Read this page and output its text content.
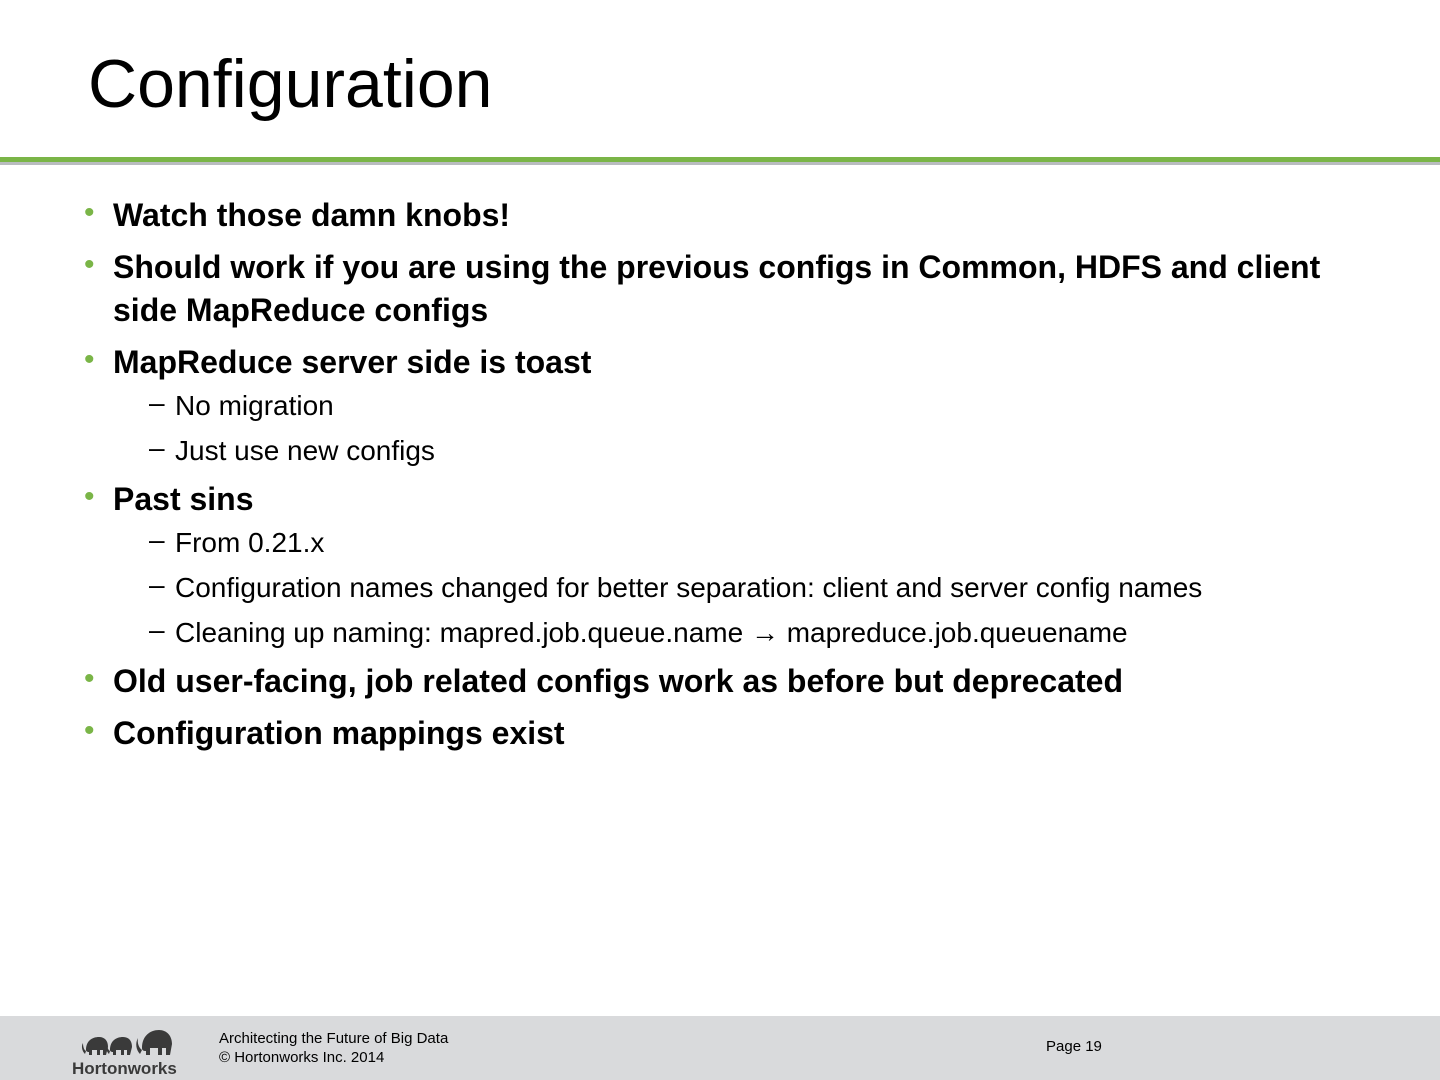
Configuration
• Watch those damn knobs!
• Should work if you are using the previous configs in Common, HDFS and client side MapReduce configs
• MapReduce server side is toast
– No migration
– Just use new configs
• Past sins
– From 0.21.x
– Configuration names changed for better separation: client and server config names
– Cleaning up naming: mapred.job.queue.name → mapreduce.job.queuename
• Old user-facing, job related configs work as before but deprecated
• Configuration mappings exist
Hortonworks
Architecting the Future of Big Data
© Hortonworks Inc. 2014
Page 19
